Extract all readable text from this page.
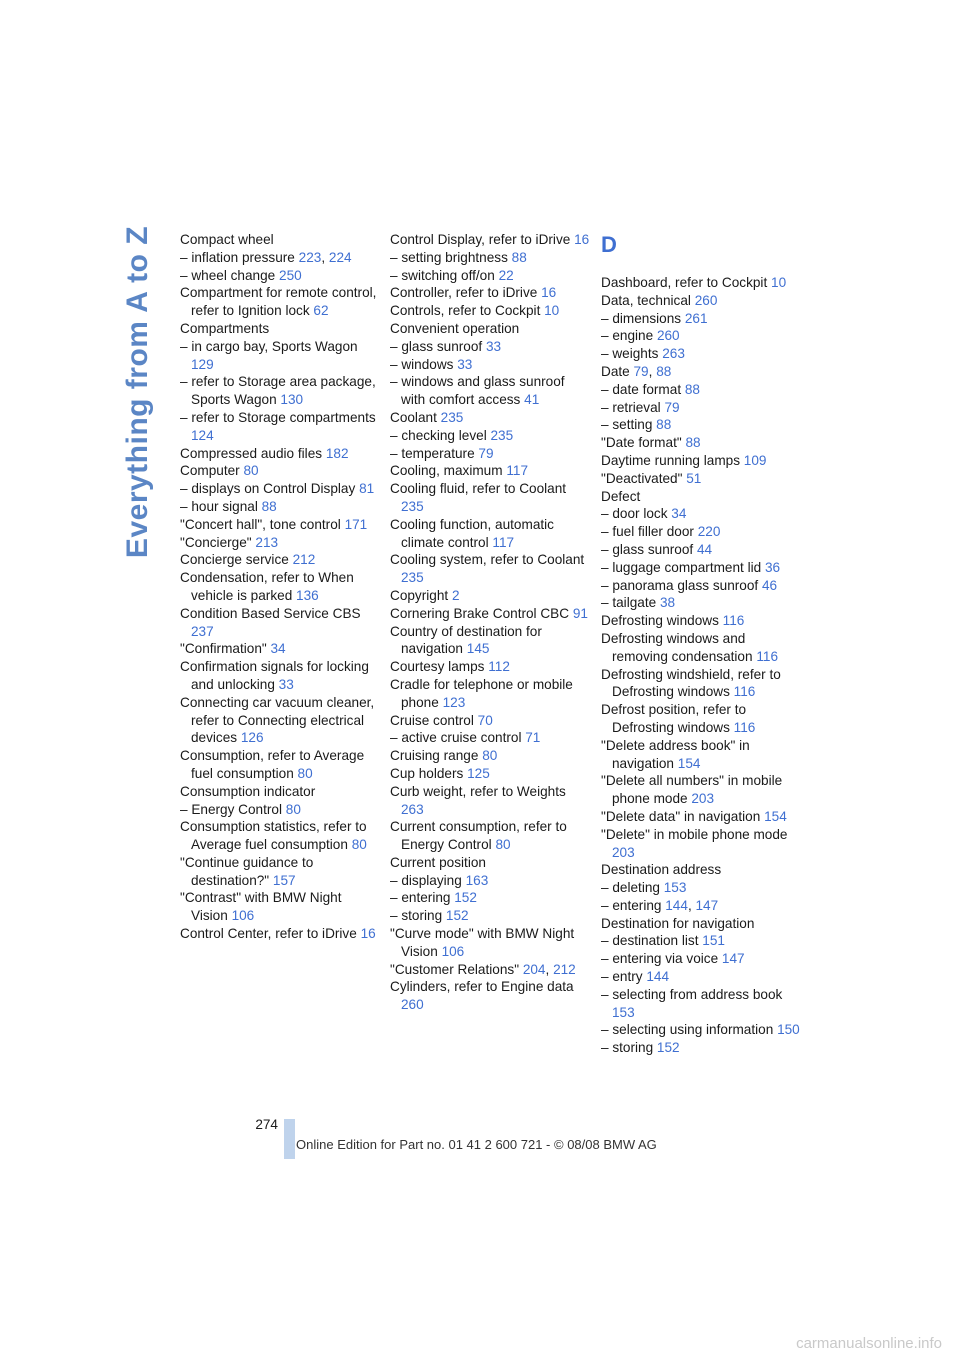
Everything from A to Z Compact wheel
– inflation pressure 223, 224
– wheel change 250
Compartment for remote control, refer to Ignition lock 62
Compartments
– in cargo bay, Sports Wagon 129
– refer to Storage area package, Sports Wagon 130
– refer to Storage compartments 124
Compressed audio files 182
Computer 80
– displays on Control Display 81
– hour signal 88
"Concert hall", tone control 171
"Concierge" 213
Concierge service 212
Condensation, refer to When vehicle is parked 136
Condition Based Service CBS 237
"Confirmation" 34
Confirmation signals for locking and unlocking 33
Connecting car vacuum cleaner, refer to Connecting electrical devices 126
Consumption, refer to Average fuel consumption 80
Consumption indicator
– Energy Control 80
Consumption statistics, refer to Average fuel consumption 80
"Continue guidance to destination?" 157
"Contrast" with BMW Night Vision 106
Control Center, refer to iDrive 16
Control Display, refer to iDrive 16
– setting brightness 88
– switching off/on 22
Controller, refer to iDrive 16
Controls, refer to Cockpit 10
Convenient operation
– glass sunroof 33
– windows 33
– windows and glass sunroof with comfort access 41
Coolant 235
– checking level 235
– temperature 79
Cooling, maximum 117
Cooling fluid, refer to Coolant 235
Cooling function, automatic climate control 117
Cooling system, refer to Coolant 235
Copyright 2
Cornering Brake Control CBC 91
Country of destination for navigation 145
Courtesy lamps 112
Cradle for telephone or mobile phone 123
Cruise control 70
– active cruise control 71
Cruising range 80
Cup holders 125
Curb weight, refer to Weights 263
Current consumption, refer to Energy Control 80
Current position
– displaying 163
– entering 152
– storing 152
"Curve mode" with BMW Night Vision 106
"Customer Relations" 204, 212
Cylinders, refer to Engine data 260
D
Dashboard, refer to Cockpit 10
Data, technical 260
– dimensions 261
– engine 260
– weights 263
Date 79, 88
– date format 88
– retrieval 79
– setting 88
"Date format" 88
Daytime running lamps 109
"Deactivated" 51
Defect
– door lock 34
– fuel filler door 220
– glass sunroof 44
– luggage compartment lid 36
– panorama glass sunroof 46
– tailgate 38
Defrosting windows 116
Defrosting windows and removing condensation 116
Defrosting windshield, refer to Defrosting windows 116
Defrost position, refer to Defrosting windows 116
"Delete address book" in navigation 154
"Delete all numbers" in mobile phone mode 203
"Delete data" in navigation 154
"Delete" in mobile phone mode 203
Destination address
– deleting 153
– entering 144, 147
Destination for navigation
– destination list 151
– entering via voice 147
– entry 144
– selecting from address book 153
– selecting using information 150
– storing 152
274
Online Edition for Part no. 01 41 2 600 721 - © 08/08 BMW AG
carmanualsonline.info
